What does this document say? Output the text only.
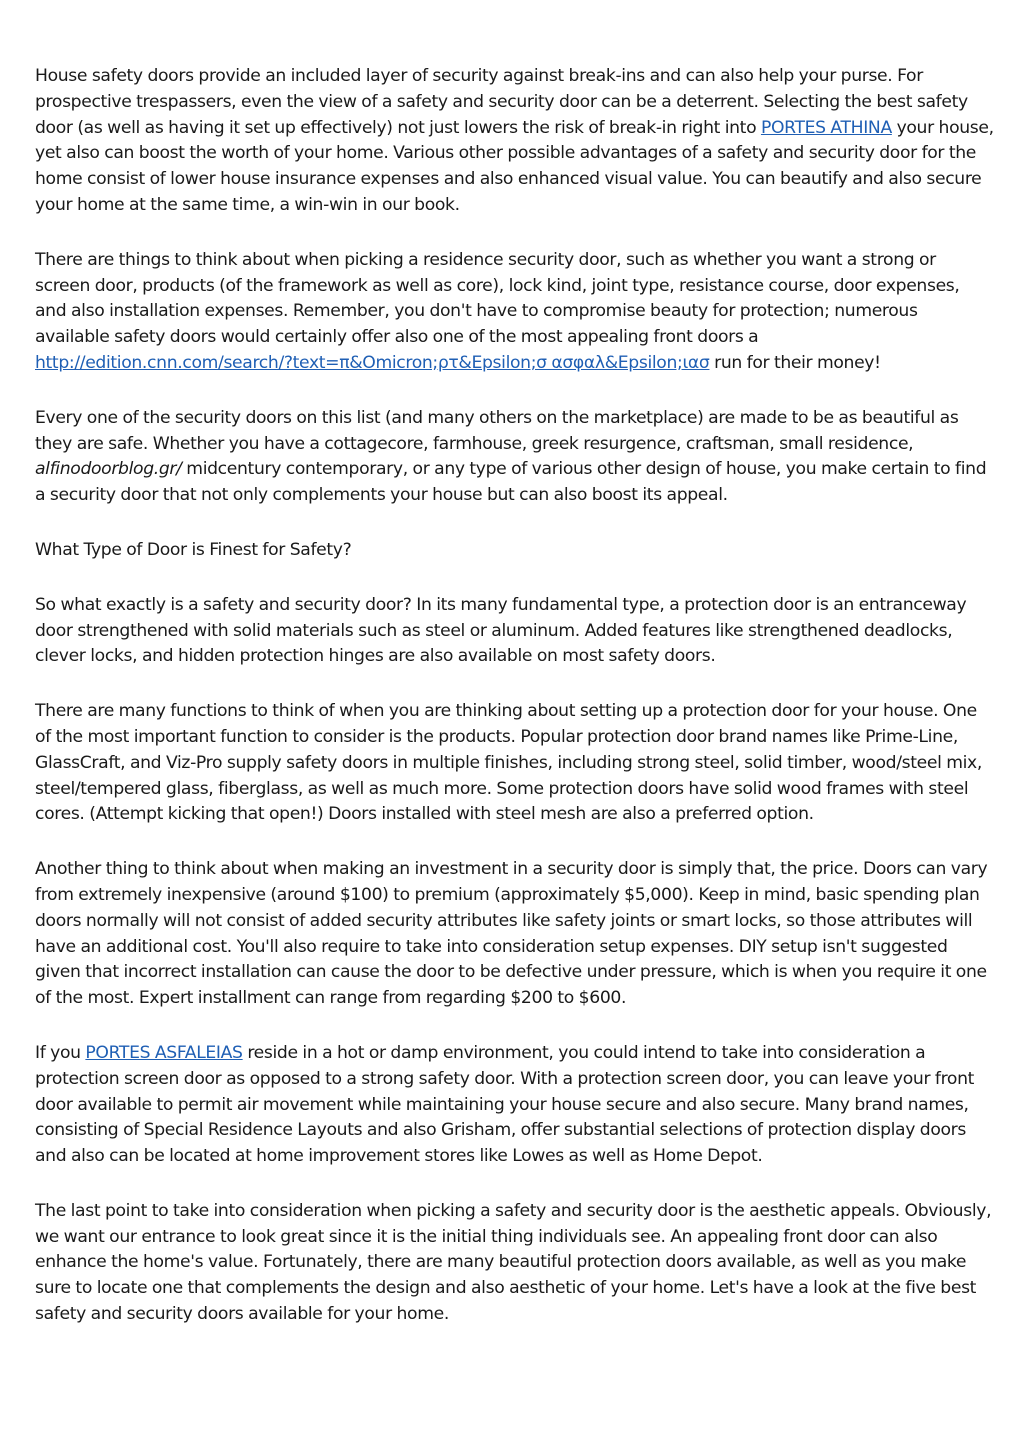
House safety doors provide an included layer of security against break-ins and can also help your purse. For prospective trespassers, even the view of a safety and security door can be a deterrent. Selecting the best safety door (as well as having it set up effectively) not just lowers the risk of break-in right into PORTES ATHINA your house, yet also can boost the worth of your home. Various other possible advantages of a safety and security door for the home consist of lower house insurance expenses and also enhanced visual value. You can beautify and also secure your home at the same time, a win-win in our book.

There are things to think about when picking a residence security door, such as whether you want a strong or screen door, products (of the framework as well as core), lock kind, joint type, resistance course, door expenses, and also installation expenses. Remember, you don't have to compromise beauty for protection; numerous available safety doors would certainly offer also one of the most appealing front doors a http://edition.cnn.com/search/?text=π&Omicron;ρτ&Epsilon;σ ασφαλ&Epsilon;ιασ run for their money!

Every one of the security doors on this list (and many others on the marketplace) are made to be as beautiful as they are safe. Whether you have a cottagecore, farmhouse, greek resurgence, craftsman, small residence, alfinodoorblog.gr/ midcentury contemporary, or any type of various other design of house, you make certain to find a security door that not only complements your house but can also boost its appeal.

What Type of Door is Finest for Safety?

So what exactly is a safety and security door? In its many fundamental type, a protection door is an entranceway door strengthened with solid materials such as steel or aluminum. Added features like strengthened deadlocks, clever locks, and hidden protection hinges are also available on most safety doors.

There are many functions to think of when you are thinking about setting up a protection door for your house. One of the most important function to consider is the products. Popular protection door brand names like Prime-Line, GlassCraft, and Viz-Pro supply safety doors in multiple finishes, including strong steel, solid timber, wood/steel mix, steel/tempered glass, fiberglass, as well as much more. Some protection doors have solid wood frames with steel cores. (Attempt kicking that open!) Doors installed with steel mesh are also a preferred option.

Another thing to think about when making an investment in a security door is simply that, the price. Doors can vary from extremely inexpensive (around $100) to premium (approximately $5,000). Keep in mind, basic spending plan doors normally will not consist of added security attributes like safety joints or smart locks, so those attributes will have an additional cost. You'll also require to take into consideration setup expenses. DIY setup isn't suggested given that incorrect installation can cause the door to be defective under pressure, which is when you require it one of the most. Expert installment can range from regarding $200 to $600.

If you PORTES ASFALEIAS reside in a hot or damp environment, you could intend to take into consideration a protection screen door as opposed to a strong safety door. With a protection screen door, you can leave your front door available to permit air movement while maintaining your house secure and also secure. Many brand names, consisting of Special Residence Layouts and also Grisham, offer substantial selections of protection display doors and also can be located at home improvement stores like Lowes as well as Home Depot.

The last point to take into consideration when picking a safety and security door is the aesthetic appeals. Obviously, we want our entrance to look great since it is the initial thing individuals see. An appealing front door can also enhance the home's value. Fortunately, there are many beautiful protection doors available, as well as you make sure to locate one that complements the design and also aesthetic of your home. Let's have a look at the five best safety and security doors available for your home.
